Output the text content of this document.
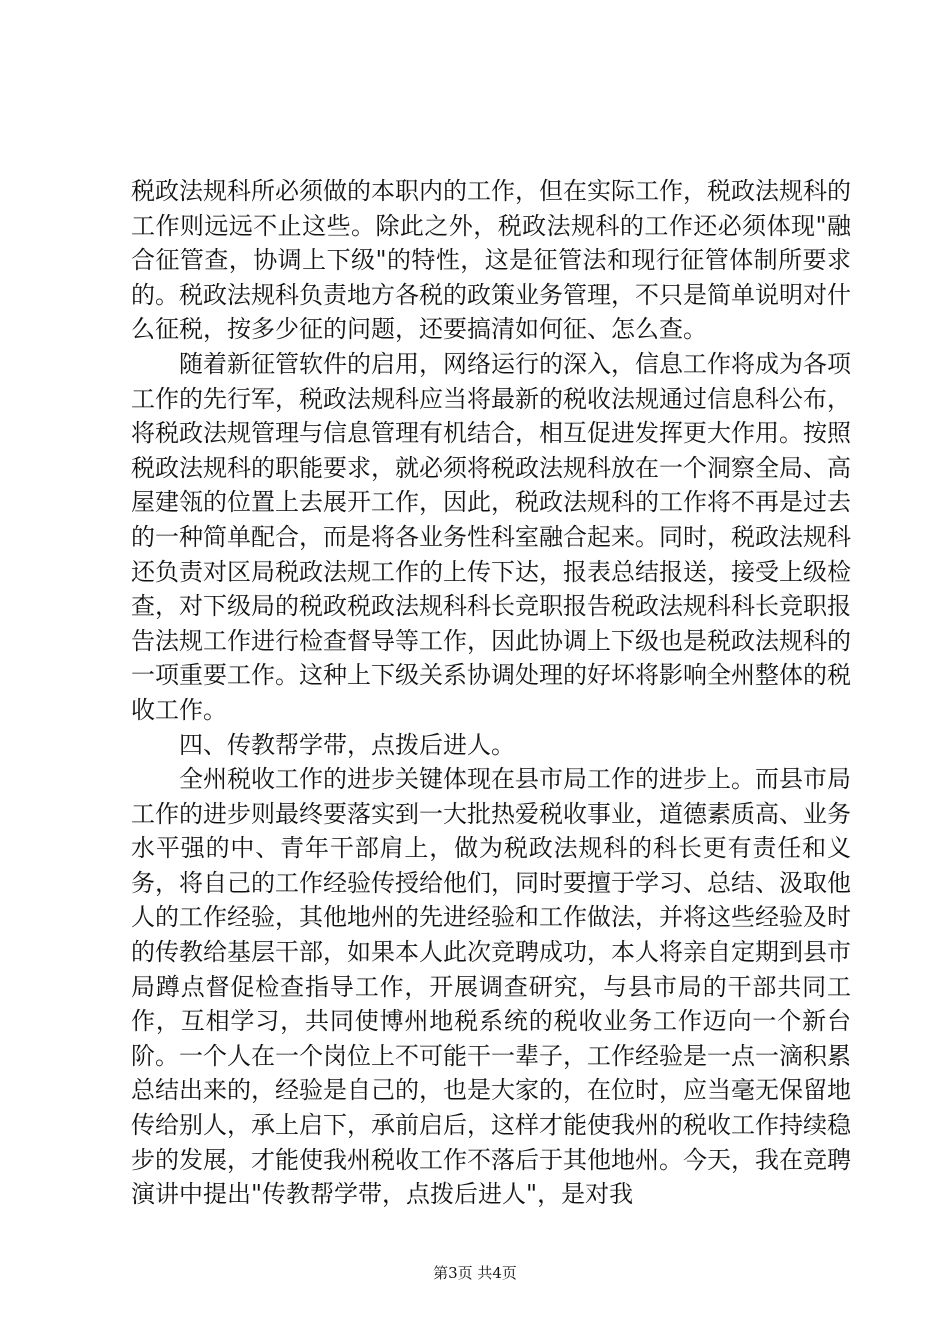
税政法规科所必须做的本职内的工作，但在实际工作，税政法规科的工作则远远不止这些。除此之外，税政法规科的工作还必须体现"融合征管查，协调上下级"的特性，这是征管法和现行征管体制所要求的。税政法规科负责地方各税的政策业务管理，不只是简单说明对什么征税，按多少征的问题，还要搞清如何征、怎么查。

随着新征管软件的启用，网络运行的深入，信息工作将成为各项工作的先行军，税政法规科应当将最新的税收法规通过信息科公布，将税政法规管理与信息管理有机结合，相互促进发挥更大作用。按照税政法规科的职能要求，就必须将税政法规科放在一个洞察全局、高屋建瓴的位置上去展开工作，因此，税政法规科的工作将不再是过去的一种简单配合，而是将各业务性科室融合起来。同时，税政法规科还负责对区局税政法规工作的上传下达，报表总结报送，接受上级检查，对下级局的税政税政法规科科长竞职报告税政法规科科长竞职报告法规工作进行检查督导等工作，因此协调上下级也是税政法规科的一项重要工作。这种上下级关系协调处理的好坏将影响全州整体的税收工作。

四、传教帮学带，点拨后进人。

全州税收工作的进步关键体现在县市局工作的进步上。而县市局工作的进步则最终要落实到一大批热爱税收事业，道德素质高、业务水平强的中、青年干部肩上，做为税政法规科的科长更有责任和义务，将自己的工作经验传授给他们，同时要擅于学习、总结、汲取他人的工作经验，其他地州的先进经验和工作做法，并将这些经验及时的传教给基层干部，如果本人此次竞聘成功，本人将亲自定期到县市局蹲点督促检查指导工作，开展调查研究，与县市局的干部共同工作，互相学习，共同使博州地税系统的税收业务工作迈向一个新台阶。一个人在一个岗位上不可能干一辈子，工作经验是一点一滴积累总结出来的，经验是自己的，也是大家的，在位时，应当毫无保留地传给别人，承上启下，承前启后，这样才能使我州的税收工作持续稳步的发展，才能使我州税收工作不落后于其他地州。今天，我在竞聘演讲中提出"传教帮学带，点拨后进人"，是对我

第3页 共4页
